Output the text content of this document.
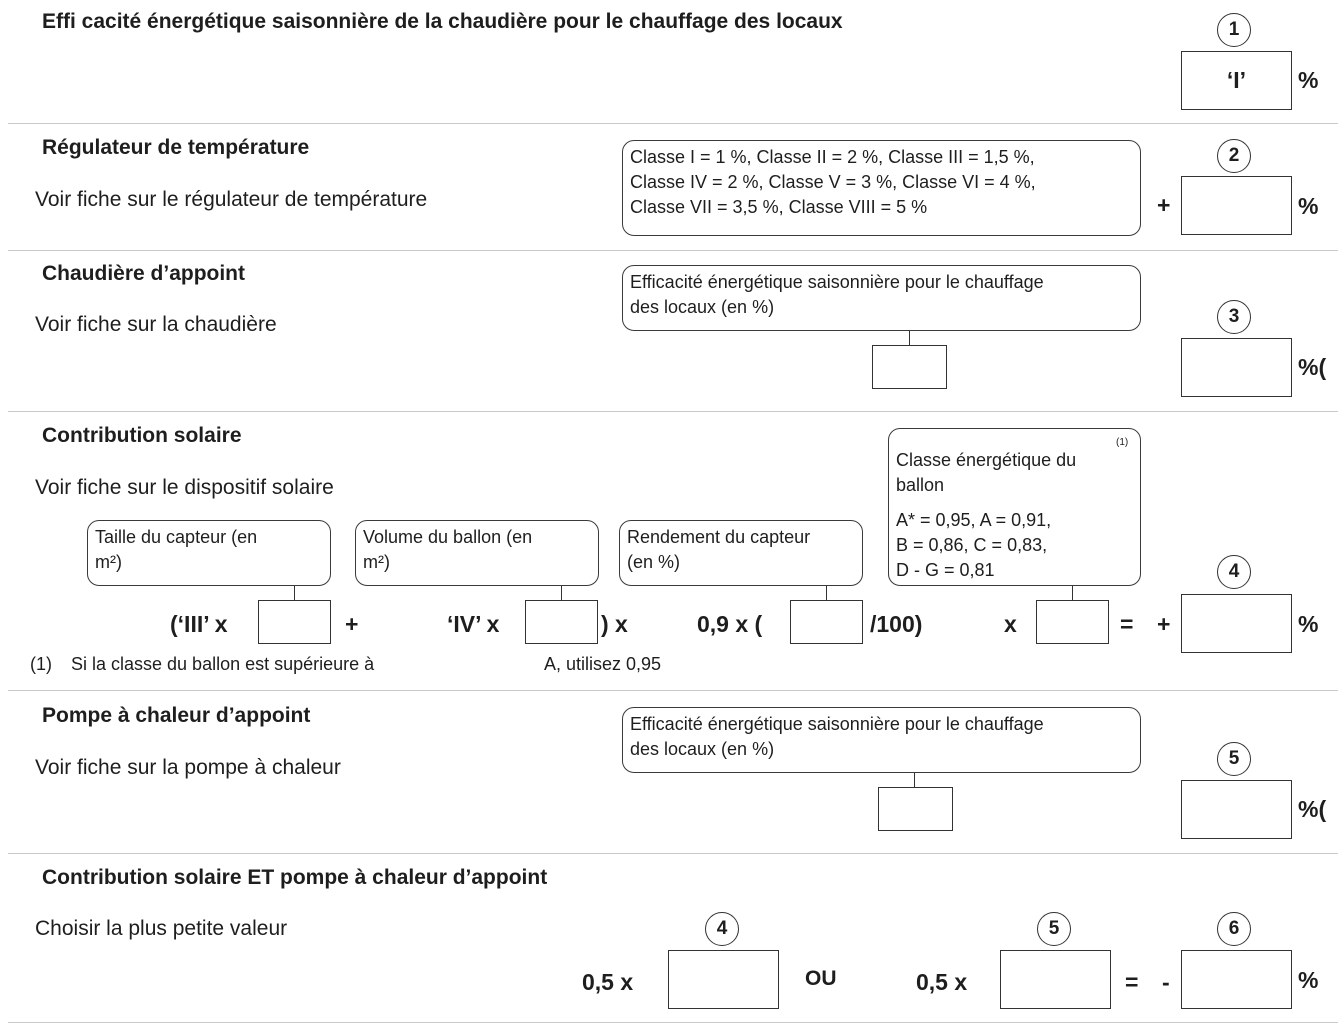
Effi cacité énergétique saisonnière de la chaudière pour le chauffage des locaux	1
‘I’	%
Régulateur de température
Voir fiche sur le régulateur de température
Classe I = 1 %, Classe II = 2 %, Classe III = 1,5 %,
Classe IV = 2 %, Classe V = 3 %, Classe VI = 4 %,
Classe VII = 3,5 %, Classe VIII = 5 %	+
2
%
Chaudière d’appoint
Voir fiche sur la chaudière
Efficacité énergétique saisonnière pour le chauffage
des locaux (en %)	3
%(
Contribution solaire
Voir fiche sur le dispositif solaire
Taille du capteur (en
m²)
Volume du ballon (en
m²)
Rendement du capteur
(en %)
Classe énergétique du
ballon
A* = 0,95, A = 0,91,
B = 0,86, C = 0,83,
D - G = 0,81
(1)
(‘III’ x	+	‘IV’ x	) x	0,9 x (	/100)	x	= +
4
%
(1) Si la classe du ballon est supérieure à	A, utilisez 0,95
Pompe à chaleur d’appoint
Voir fiche sur la pompe à chaleur
Efficacité énergétique saisonnière pour le chauffage
des locaux (en %)	5
%(
Contribution solaire ET pompe à chaleur d’appoint
Choisir la plus petite valeur	4
0,5 x	OU
5
0,5 x	= -
6
%
